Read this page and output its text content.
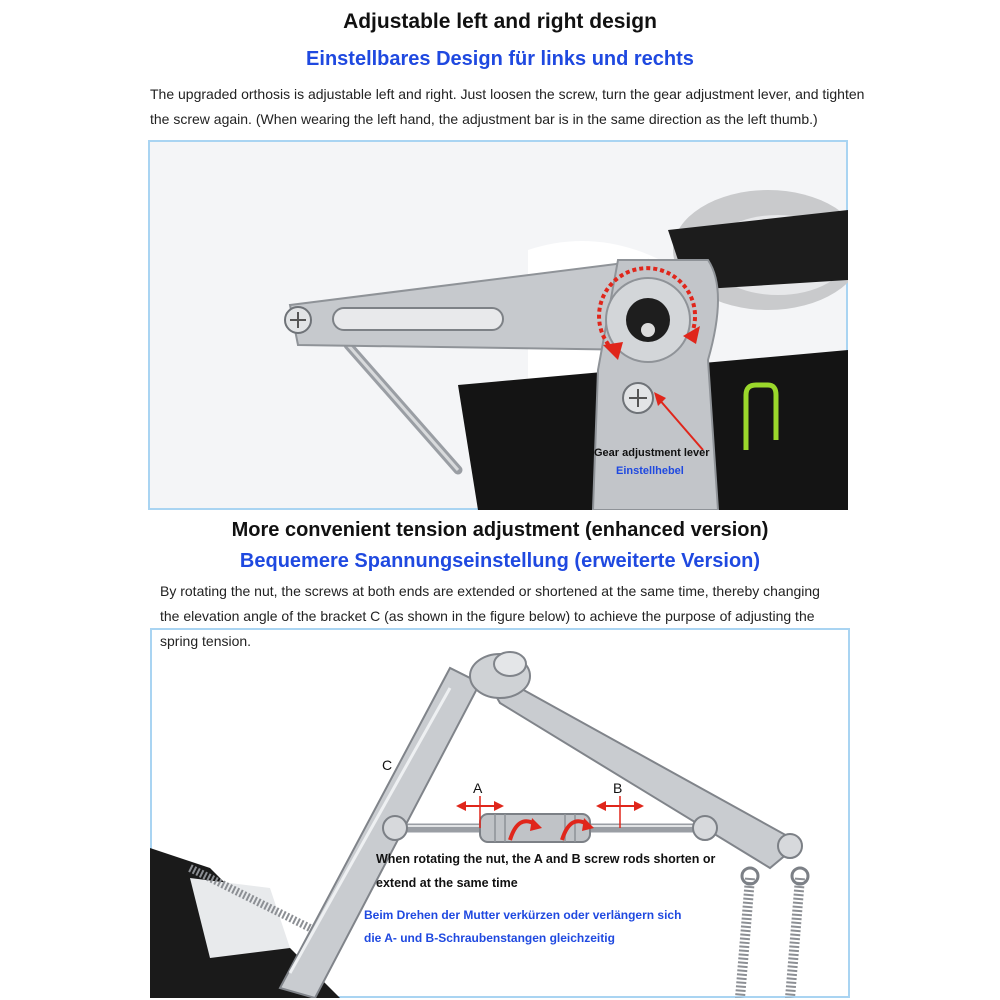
Adjustable left and right design
Einstellbares Design für links und rechts
The upgraded orthosis is adjustable left and right. Just loosen the screw, turn the gear adjustment lever, and tighten
the screw again. (When wearing the left hand, the adjustment bar is in the same direction as the left thumb.)
Gear adjustment lever
Einstellhebel
More convenient tension adjustment (enhanced version)
Bequemere Spannungseinstellung (erweiterte Version)
By rotating the nut, the screws at both ends are extended or shortened at the same time, thereby changing
the elevation angle of the bracket C (as shown in the figure below) to achieve the purpose of adjusting the
A	B
C
When rotating the nut, the A and B screw rods shorten or
extend at the same time
Beim Drehen der Mutter verkürzen oder verlängern sich
die A- und B-Schraubenstangen gleichzeitig
spring tension.
